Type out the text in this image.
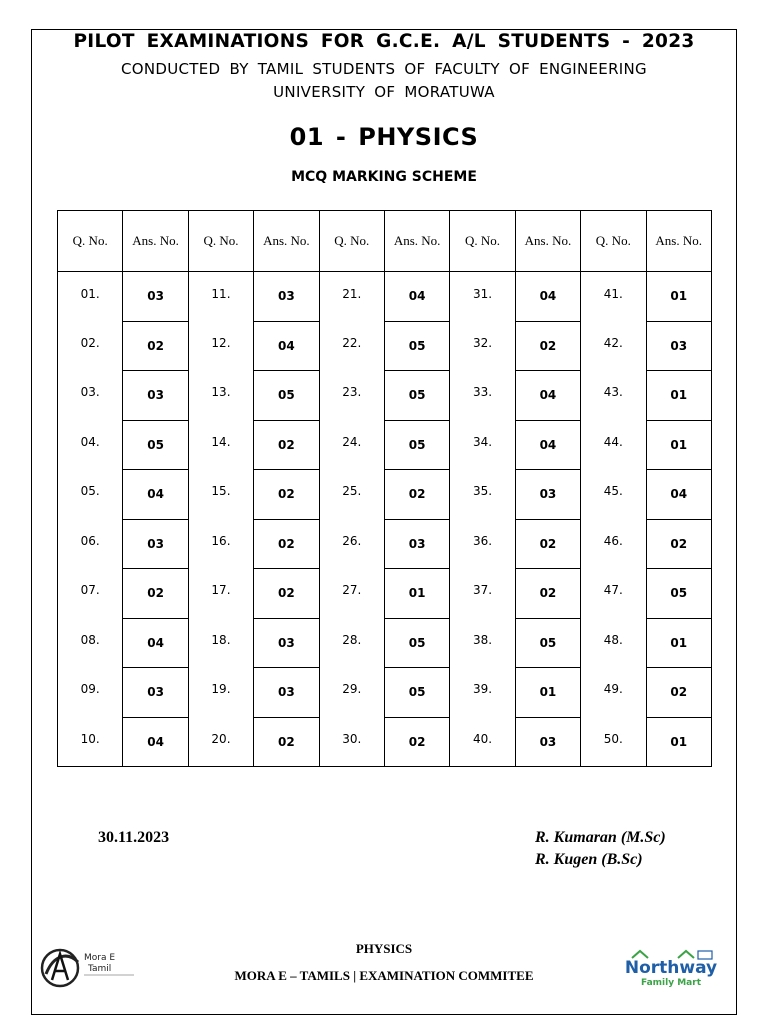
PILOT EXAMINATIONS FOR G.C.E. A/L STUDENTS - 2023
CONDUCTED BY TAMIL STUDENTS OF FACULTY OF ENGINEERING
UNIVERSITY OF MORATUWA
01 - PHYSICS
MCQ MARKING SCHEME
Q. No.	Ans. No.	Q. No.	Ans. No.	Q. No.	Ans. No.	Q. No.	Ans. No.	Q. No.	Ans. No.
01.	03	11.	03	21.	04	31.	04	41.	01
02.	02	12.	04	22.	05	32.	02	42.	03
03.	03	13.	05	23.	05	33.	04	43.	01
04.	05	14.	02	24.	05	34.	04	44.	01
05.	04	15.	02	25.	02	35.	03	45.	04
06.	03	16.	02	26.	03	36.	02	46.	02
07.	02	17.	02	27.	01	37.	02	47.	05
08.	04	18.	03	28.	05	38.	05	48.	01
09.	03	19.	03	29.	05	39.	01	49.	02
10.	04	20.	02	30.	02	40.	03	50.	01
30.11.2023	R. Kumaran (M.Sc)
R. Kugen (B.Sc)
PHYSICS
MORA E – TAMILS | EXAMINATION COMMITEE
Mora E
Tamil	Northway
Family Mart
